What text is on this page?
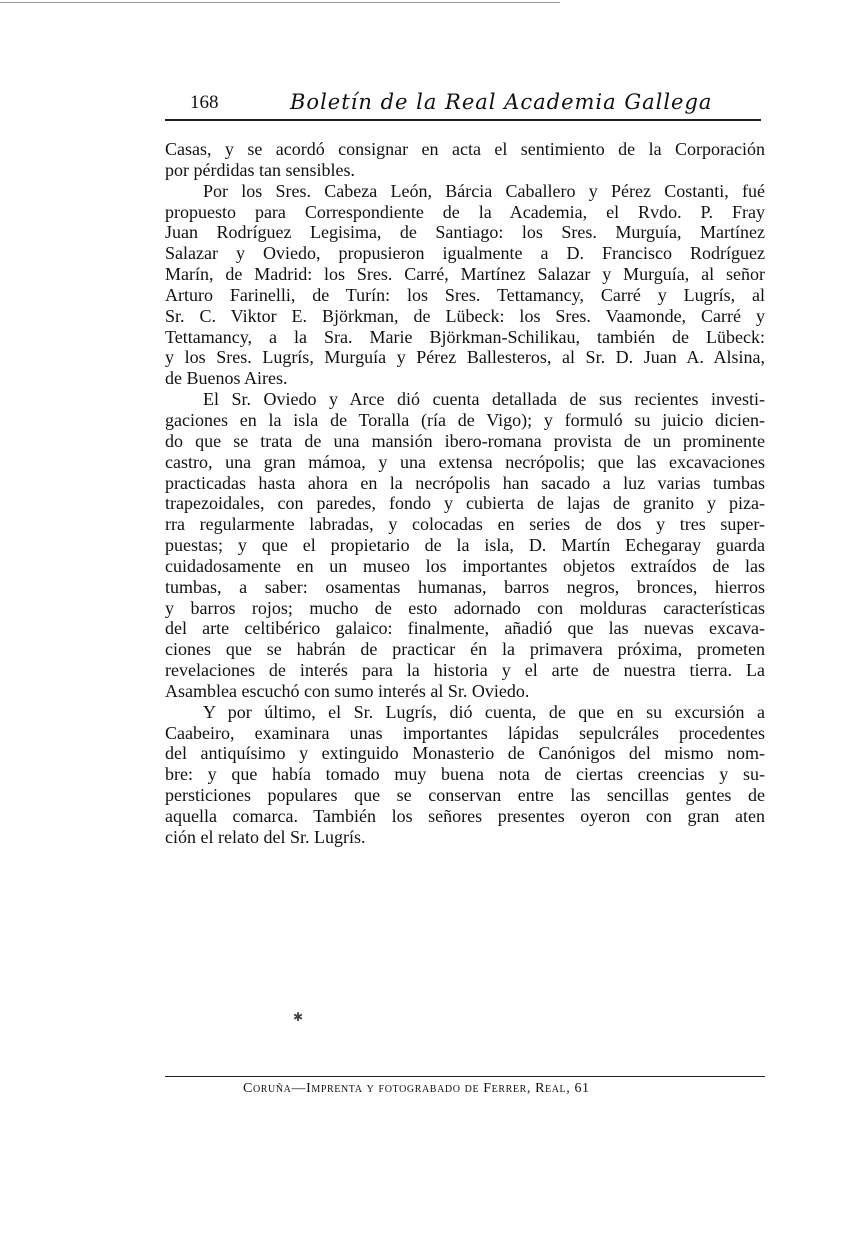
168	Boletín de la Real Academia Gallega
Casas, y se acordó consignar en acta el sentimiento de la Corporación
por pérdidas tan sensibles.
Por los Sres. Cabeza León, Bárcia Caballero y Pérez Costanti, fué
propuesto para Correspondiente de la Academia, el Rvdo. P. Fray
Juan Rodríguez Legisima, de Santiago: los Sres. Murguía, Martínez
Salazar y Oviedo, propusieron igualmente a D. Francisco Rodríguez
Marín, de Madrid: los Sres. Carré, Martínez Salazar y Murguía, al señor
Arturo Farinelli, de Turín: los Sres. Tettamancy, Carré y Lugrís, al
Sr. C. Viktor E. Björkman, de Lübeck: los Sres. Vaamonde, Carré y
Tettamancy, a la Sra. Marie Björkman-Schilikau, también de Lübeck:
y los Sres. Lugrís, Murguía y Pérez Ballesteros, al Sr. D. Juan A. Alsina,
de Buenos Aires.
El Sr. Oviedo y Arce dió cuenta detallada de sus recientes investi-
gaciones en la isla de Toralla (ría de Vigo); y formuló su juicio dicien-
do que se trata de una mansión ibero-romana provista de un prominente
castro, una gran mámoa, y una extensa necrópolis; que las excavaciones
practicadas hasta ahora en la necrópolis han sacado a luz varias tumbas
trapezoidales, con paredes, fondo y cubierta de lajas de granito y piza-
rra regularmente labradas, y colocadas en series de dos y tres super-
puestas; y que el propietario de la isla, D. Martín Echegaray guarda
cuidadosamente en un museo los importantes objetos extraídos de las
tumbas, a saber: osamentas humanas, barros negros, bronces, hierros
y barros rojos; mucho de esto adornado con molduras características
del arte celtibérico galaico: finalmente, añadió que las nuevas excava-
ciones que se habrán de practicar én la primavera próxima, prometen
revelaciones de interés para la historia y el arte de nuestra tierra. La
Asamblea escuchó con sumo interés al Sr. Oviedo.
Y por último, el Sr. Lugrís, dió cuenta, de que en su excursión a
Caabeiro, examinara unas importantes lápidas sepulcráles procedentes
del antiquísimo y extinguido Monasterio de Canónigos del mismo nom-
bre: y que había tomado muy buena nota de ciertas creencias y su-
persticiones populares que se conservan entre las sencillas gentes de
aquella comarca. También los señores presentes oyeron con gran aten
ción el relato del Sr. Lugrís.
✱
Coruña—Imprenta y fotograbado de Ferrer, Real, 61
